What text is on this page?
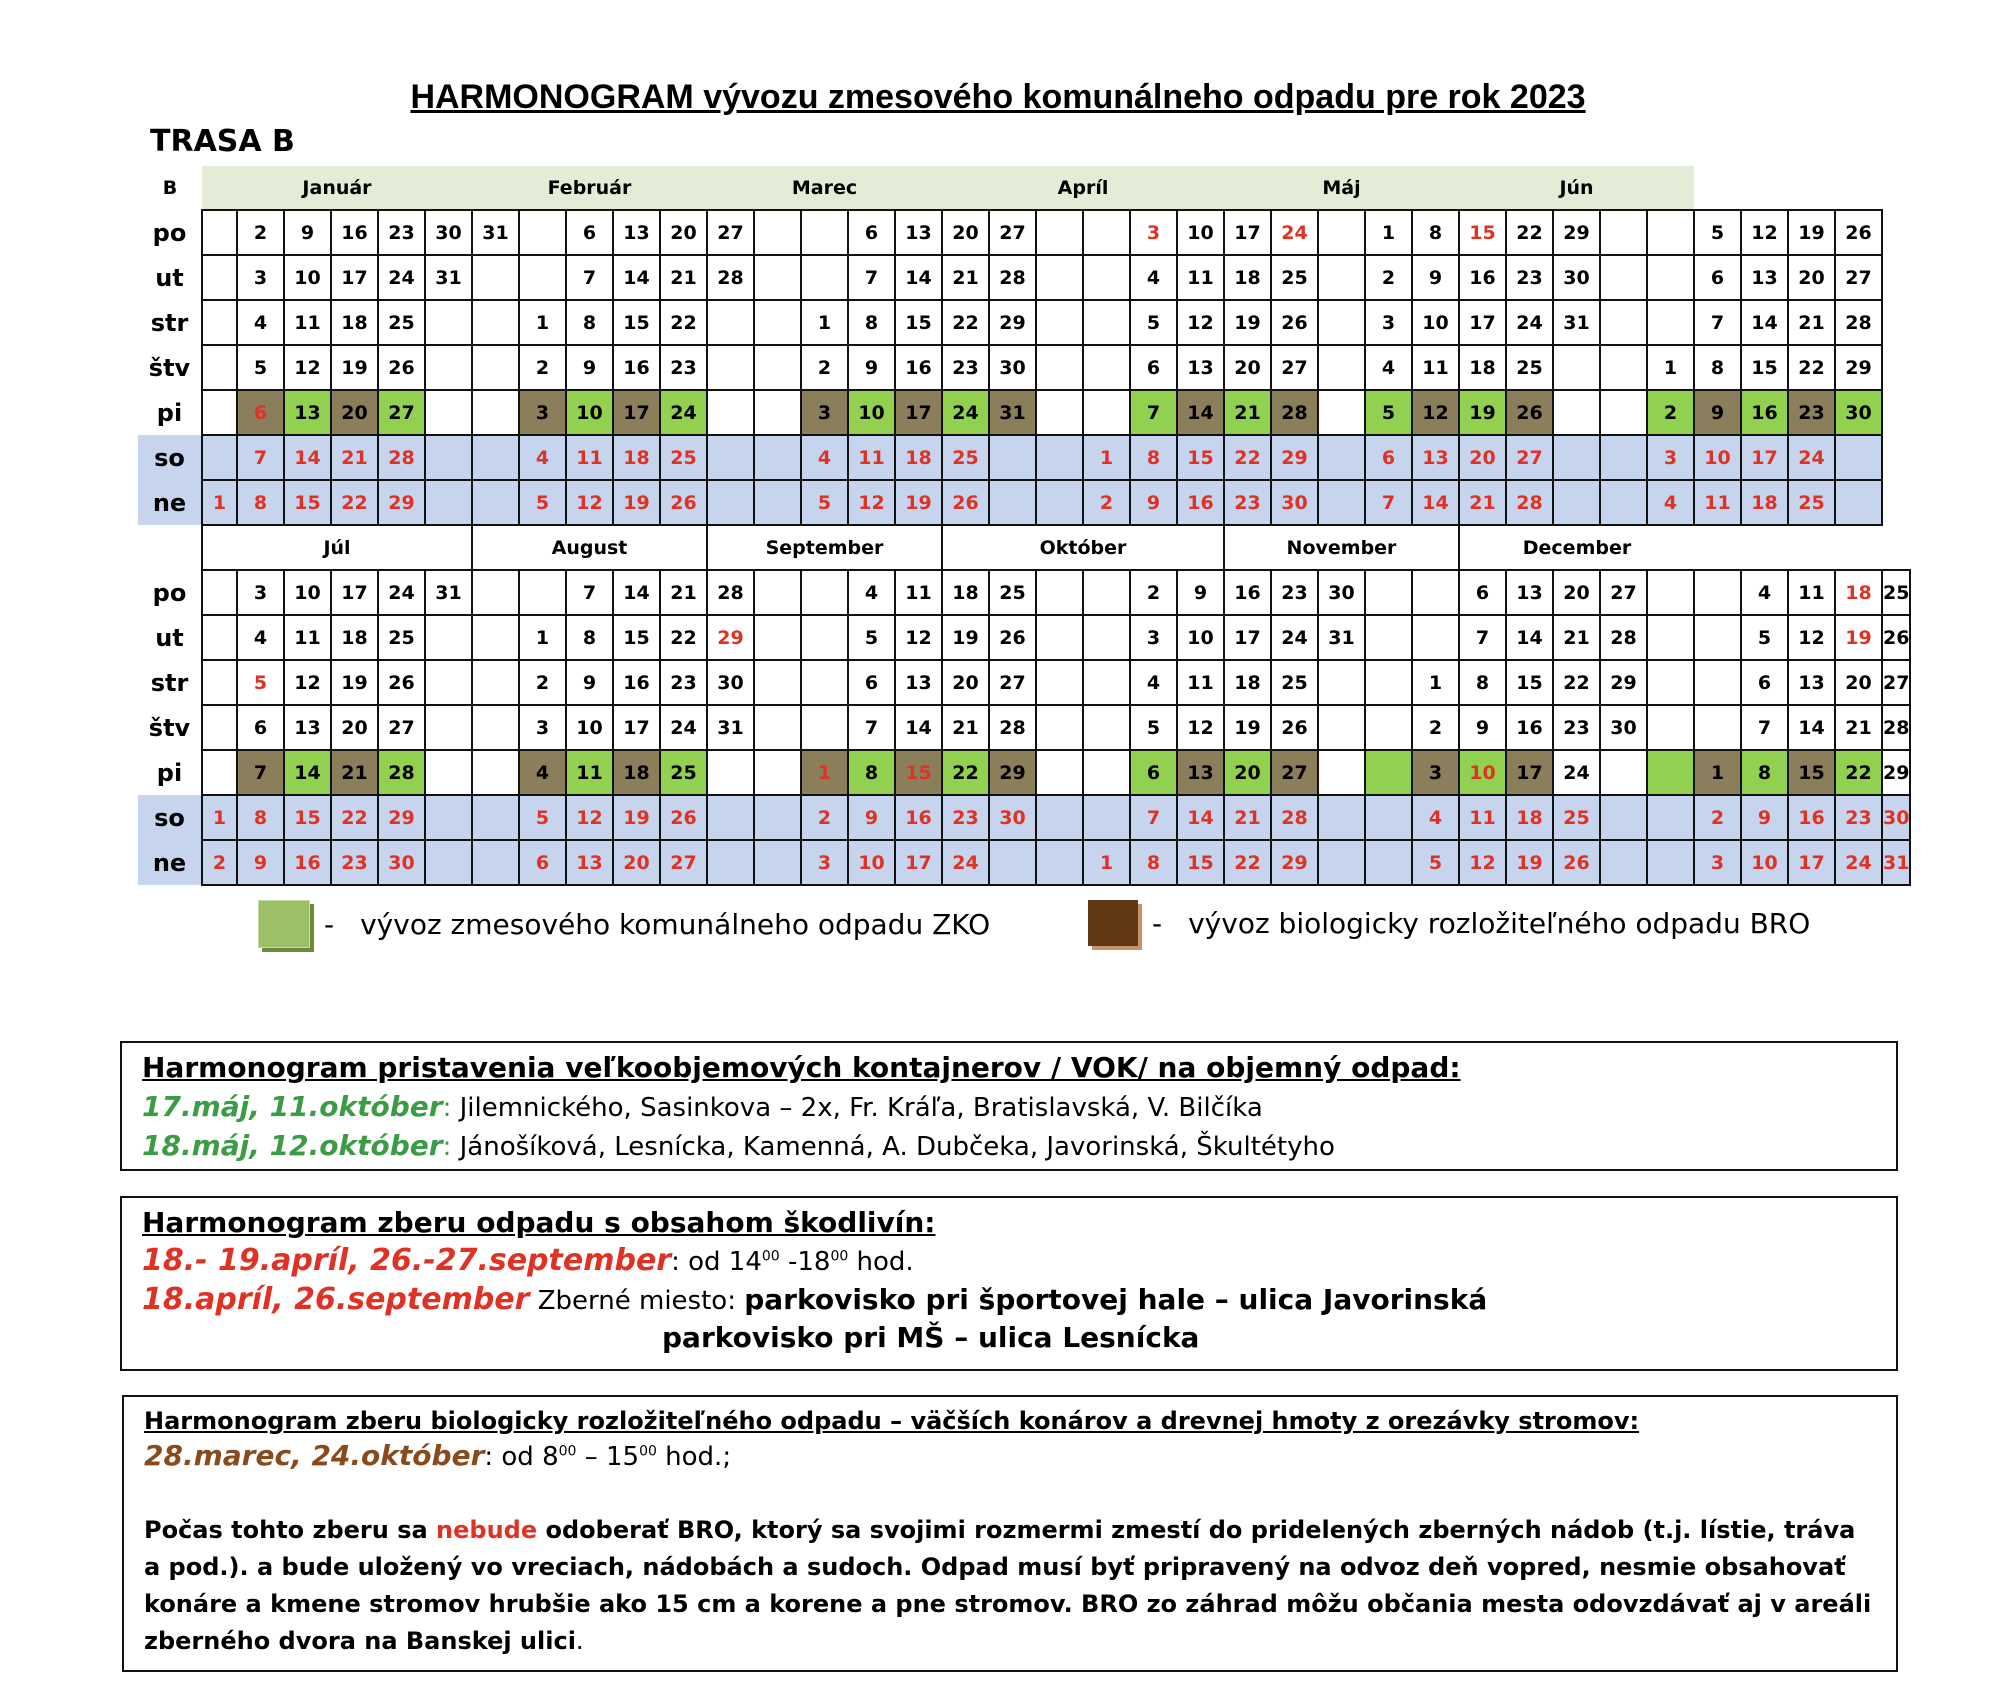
HARMONOGRAM vývozu zmesového komunálneho odpadu pre rok 2023
TRASA B
B	Január						Február					Marec					Apríl						Máj					Jún									
po		2	9	16	23	30	31		6	13	20	27			6	13	20	27			3	10	17	24		1	8	15	22	29			5	12	19	26	
ut		3	10	17	24	31			7	14	21	28			7	14	21	28			4	11	18	25		2	9	16	23	30			6	13	20	27	
str		4	11	18	25			1	8	15	22			1	8	15	22	29			5	12	19	26		3	10	17	24	31			7	14	21	28	
štv		5	12	19	26			2	9	16	23			2	9	16	23	30			6	13	20	27		4	11	18	25			1	8	15	22	29	
pi		6	13	20	27			3	10	17	24			3	10	17	24	31			7	14	21	28		5	12	19	26			2	9	16	23	30	
so		7	14	21	28			4	11	18	25			4	11	18	25			1	8	15	22	29		6	13	20	27			3	10	17	24		
ne	1	8	15	22	29			5	12	19	26			5	12	19	26			2	9	16	23	30		7	14	21	28			4	11	18	25		
	Júl						August					September					Október						November					December									
po		3	10	17	24	31			7	14	21	28			4	11	18	25			2	9	16	23	30			6	13	20	27			4	11	18	25
ut		4	11	18	25			1	8	15	22	29			5	12	19	26			3	10	17	24	31			7	14	21	28			5	12	19	26
str		5	12	19	26			2	9	16	23	30			6	13	20	27			4	11	18	25			1	8	15	22	29			6	13	20	27
štv		6	13	20	27			3	10	17	24	31			7	14	21	28			5	12	19	26			2	9	16	23	30			7	14	21	28
pi		7	14	21	28			4	11	18	25			1	8	15	22	29			6	13	20	27			3	10	17	24			1	8	15	22	29
so	1	8	15	22	29			5	12	19	26			2	9	16	23	30			7	14	21	28			4	11	18	25			2	9	16	23	30
ne	2	9	16	23	30			6	13	20	27			3	10	17	24			1	8	15	22	29			5	12	19	26			3	10	17	24	31
- vývoz zmesového komunálneho odpadu ZKO	- vývoz biologicky rozložiteľného odpadu BRO
Harmonogram pristavenia veľkoobjemových kontajnerov / VOK/ na objemný odpad:
17.máj, 11.október: Jilemnického, Sasinkova – 2x, Fr. Kráľa, Bratislavská, V. Bilčíka
18.máj, 12.október: Jánošíková, Lesnícka, Kamenná, A. Dubčeka, Javorinská, Škultétyho
Harmonogram zberu odpadu s obsahom škodlivín:
18.- 19.apríl, 26.-27.september: od $14^{00}$ $-18^{00}$ hod.
18.apríl, 26.september Zberné miesto: parkovisko pri športovej hale – ulica Javorinská
parkovisko pri MŠ – ulica Lesnícka
Harmonogram zberu biologicky rozložiteľného odpadu – väčších konárov a drevnej hmoty z orezávky stromov:
28.marec, 24.október: od $8^{00} - 15^{00}$ hod.;
Počas tohto zberu sa nebude odoberať BRO, ktorý sa svojimi rozmermi zmestí do pridelených zberných nádob (t.j. lístie, tráva a pod.). a bude uložený vo vreciach, nádobách a sudoch. Odpad musí byť pripravený na odvoz deň vopred, nesmie obsahovať konáre a kmene stromov hrubšie ako 15 cm a korene a pne stromov. BRO zo záhrad môžu občania mesta odovzdávať aj v areáli zberného dvora na Banskej ulici.
